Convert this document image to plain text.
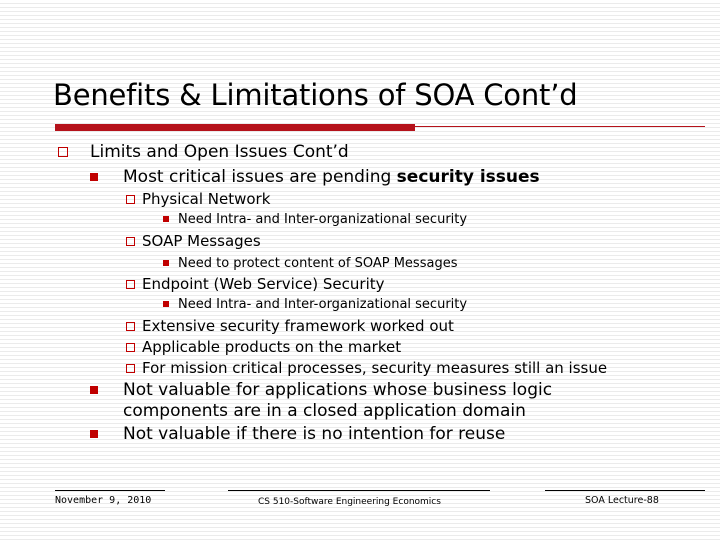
Benefits & Limitations of SOA Cont’d
Limits and Open Issues Cont’d
Most critical issues are pending security issues
Physical Network
Need Intra- and Inter-organizational security
SOAP Messages
Need to protect content of SOAP Messages
Endpoint (Web Service) Security
Need Intra- and Inter-organizational security
Extensive security framework worked out
Applicable products on the market
For mission critical processes, security measures still an issue
Not valuable for applications whose business logic
components are in a closed application domain
Not valuable if there is no intention for reuse
November 9, 2010	CS 510-Software Engineering Economics	SOA Lecture-88
